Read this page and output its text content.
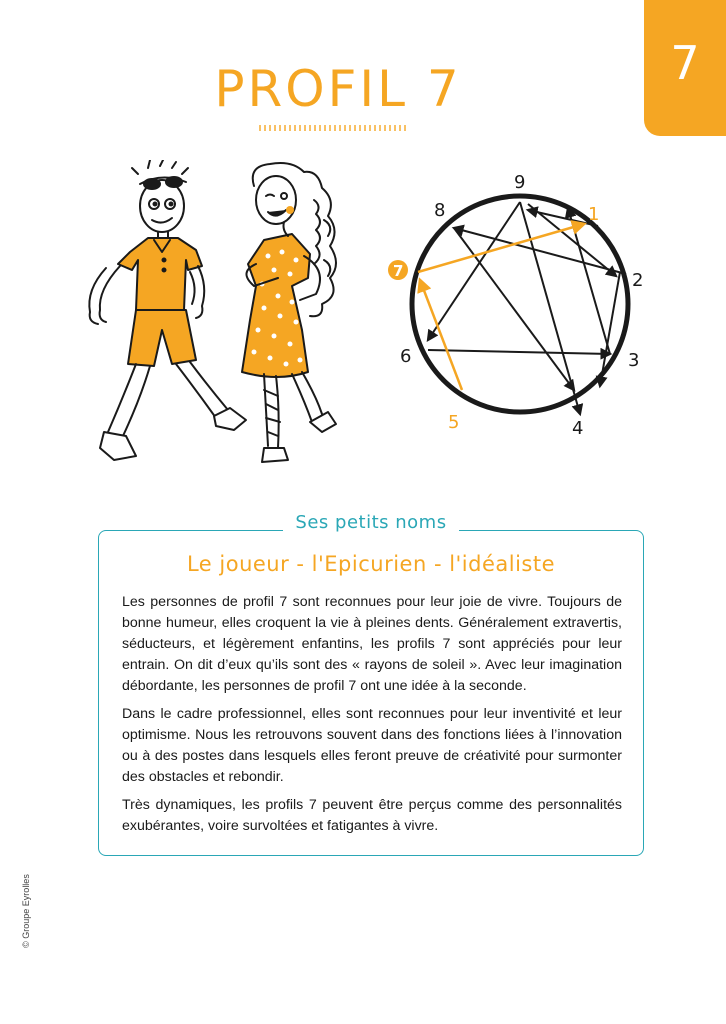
7
PROFIL 7
9
1
2
3
4
5
6
8
7
Ses petits noms
Le joueur - l'Epicurien - l'idéaliste

Les personnes de profil 7 sont reconnues pour leur joie de vivre. Toujours de bonne humeur, elles croquent la vie à pleines dents. Généralement extravertis, séducteurs, et légèrement enfantins, les profils 7 sont appréciés pour leur entrain. On dit d’eux qu’ils sont des « rayons de soleil ». Avec leur imagination débordante, les personnes de profil 7 ont une idée à la seconde.

Dans le cadre professionnel, elles sont reconnues pour leur inventivité et leur optimisme. Nous les retrouvons souvent dans des fonctions liées à l’innovation ou à des postes dans lesquels elles feront preuve de créativité pour surmonter des obstacles et rebondir.

Très dynamiques, les profils 7 peuvent être perçus comme des personnalités exubérantes, voire survoltées et fatigantes à vivre.

© Groupe Eyrolles
